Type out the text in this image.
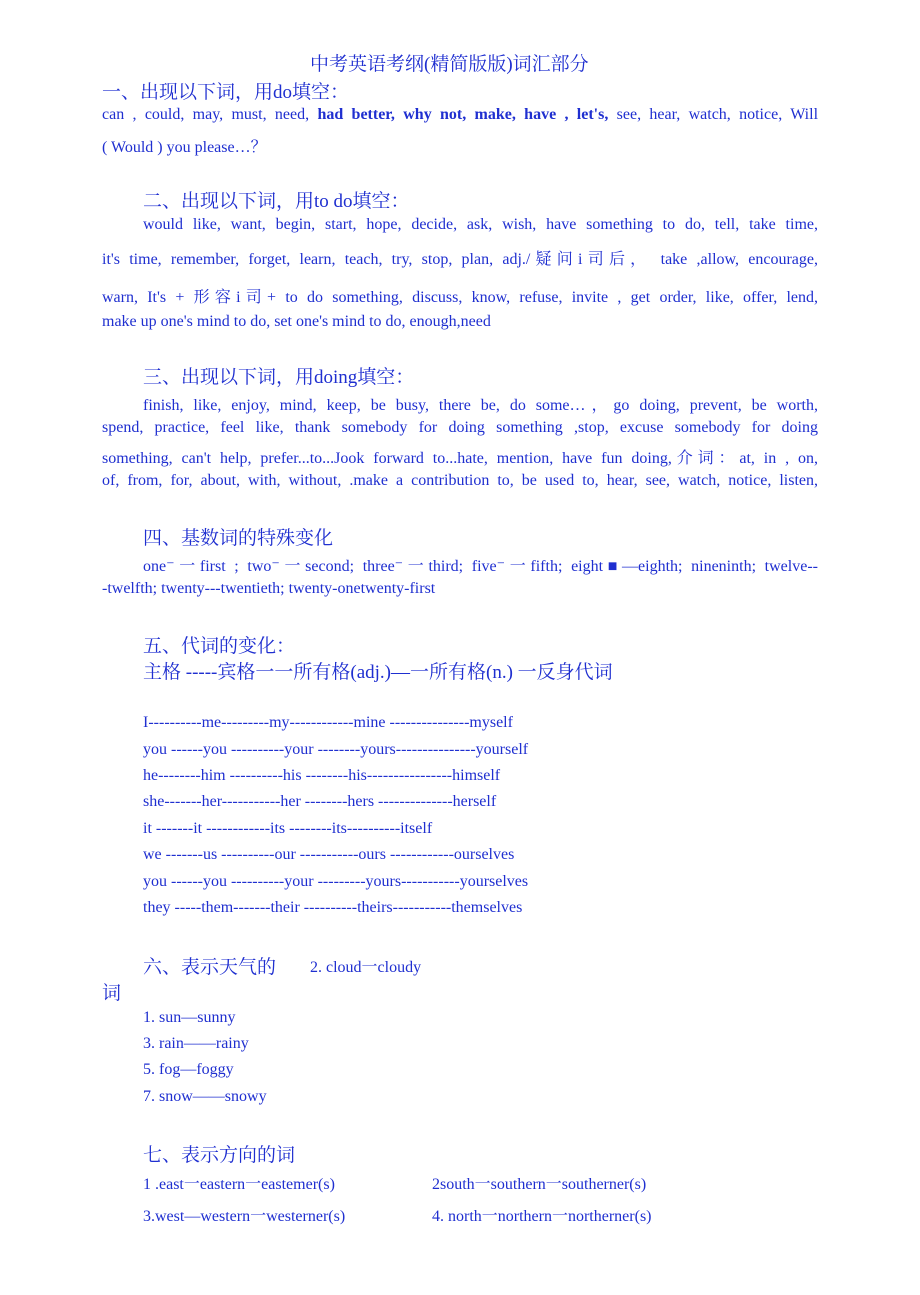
中考英语考纲(精简版版)词汇部分
一、出现以下词，用do填空：
can , could, may, must, need, had better, why not, make, have , let's, see, hear, watch, notice, Will
( Would ) you please…？
二、出现以下词，用to do填空：
would like, want, begin, start, hope, decide, ask, wish, have something to do, tell, take time,
it's time, remember, forget, learn, teach, try, stop, plan, adj./疑问i司后， take ,allow, encourage,
warn, It's + 形容i司+ to do something, discuss, know, refuse, invite , get order, like, offer, lend,
make up one's mind to do, set one's mind to do, enough,need
三、出现以下词，用doing填空：
finish, like, enjoy, mind, keep, be busy, there be, do some…，go doing, prevent, be worth,
spend, practice, feel like, thank somebody for doing something ,stop, excuse somebody for doing
something, can't help, prefer...to...Jook forward to...hate, mention, have fun doing,介词：at, in , on,
of, from, for, about, with, without, .make a contribution to, be used to, hear, see, watch, notice, listen,
四、基数词的特殊变化
one⁻一first ; two⁻一second; three⁻一third; five⁻一fifth; eight■—eighth; nineninth; twelve--
-twelfth; twenty---twentieth; twenty-onetwenty-first
五、代词的变化：
主格 -----宾格一一所有格(adj.)—一所有格(n.) 一反身代词
I----------me---------my------------mine ---------------myself
you ------you ----------your --------yours---------------yourself
he--------him ----------his --------his----------------himself
she-------her-----------her --------hers --------------herself
it -------it ------------its --------its----------itself
we -------us ----------our -----------ours ------------ourselves
you ------you ----------your ---------yours-----------yourselves
they -----them-------their ----------theirs-----------themselves
六、表示天气的 2. cloud一cloudy
词
1. sun—sunny
3. rain——rainy
5. fog—foggy
7. snow——snowy
七、表示方向的词
1 .east一eastern一eastemer(s)	2south一southern一southerner(s)
3.west—western一westerner(s)	4. north一northern一northerner(s)
